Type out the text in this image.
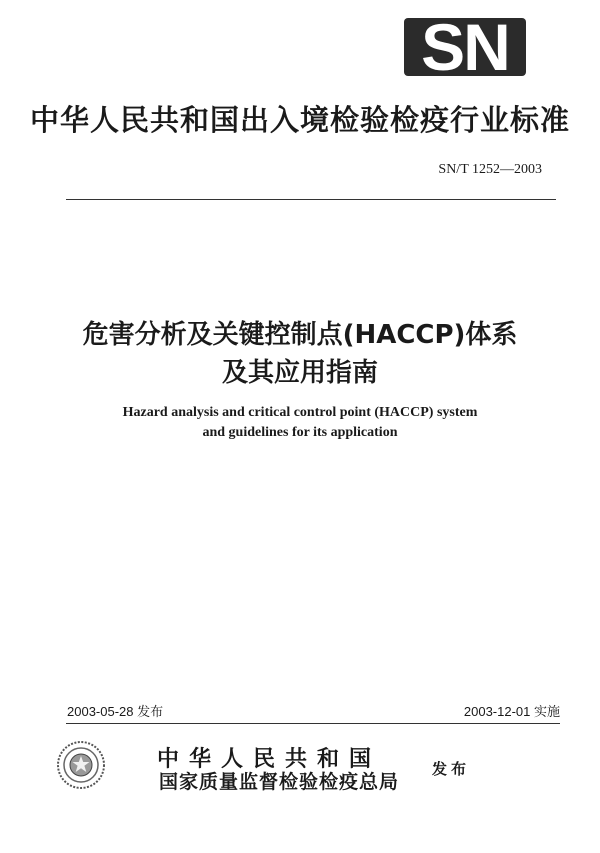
SN
中华人民共和国出入境检验检疫行业标准
SN/T 1252—2003
危害分析及关键控制点(HACCP)体系
及其应用指南
Hazard analysis and critical control point (HACCP) system
and guidelines for its application
2003-05-28 发布	2003-12-01 实施
中华人民共和国
国家质量监督检验检疫总局
发布
